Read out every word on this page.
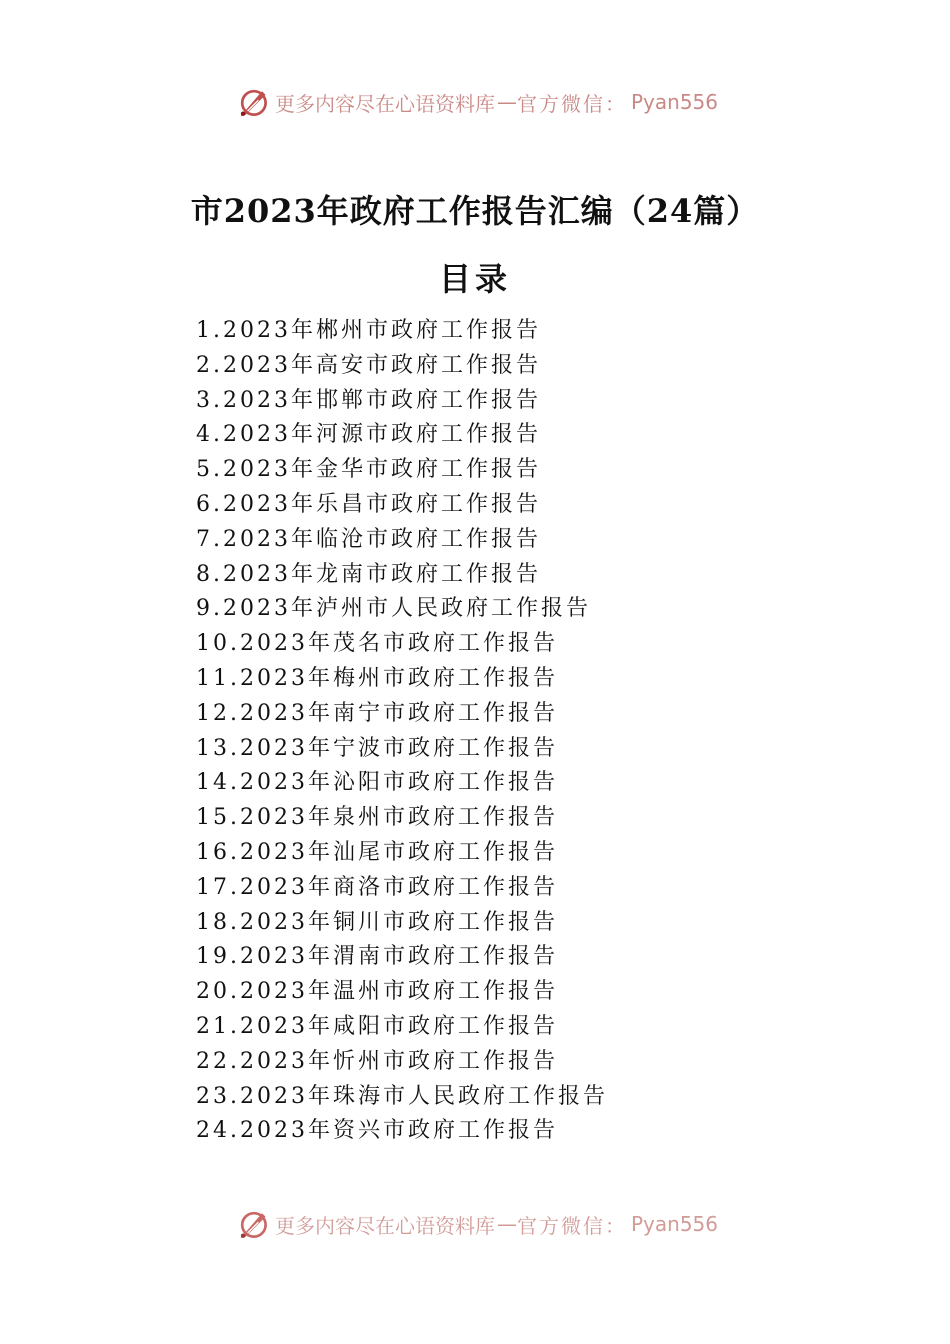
更多内容尽在心语资料库 — 官方微信： Pyan556
市2023年政府工作报告汇编（24篇）
目录
1.2023年郴州市政府工作报告
2.2023年高安市政府工作报告
3.2023年邯郸市政府工作报告
4.2023年河源市政府工作报告
5.2023年金华市政府工作报告
6.2023年乐昌市政府工作报告
7.2023年临沧市政府工作报告
8.2023年龙南市政府工作报告
9.2023年泸州市人民政府工作报告
10.2023年茂名市政府工作报告
11.2023年梅州市政府工作报告
12.2023年南宁市政府工作报告
13.2023年宁波市政府工作报告
14.2023年沁阳市政府工作报告
15.2023年泉州市政府工作报告
16.2023年汕尾市政府工作报告
17.2023年商洛市政府工作报告
18.2023年铜川市政府工作报告
19.2023年渭南市政府工作报告
20.2023年温州市政府工作报告
21.2023年咸阳市政府工作报告
22.2023年忻州市政府工作报告
23.2023年珠海市人民政府工作报告
24.2023年资兴市政府工作报告
更多内容尽在心语资料库 — 官方微信： Pyan556
